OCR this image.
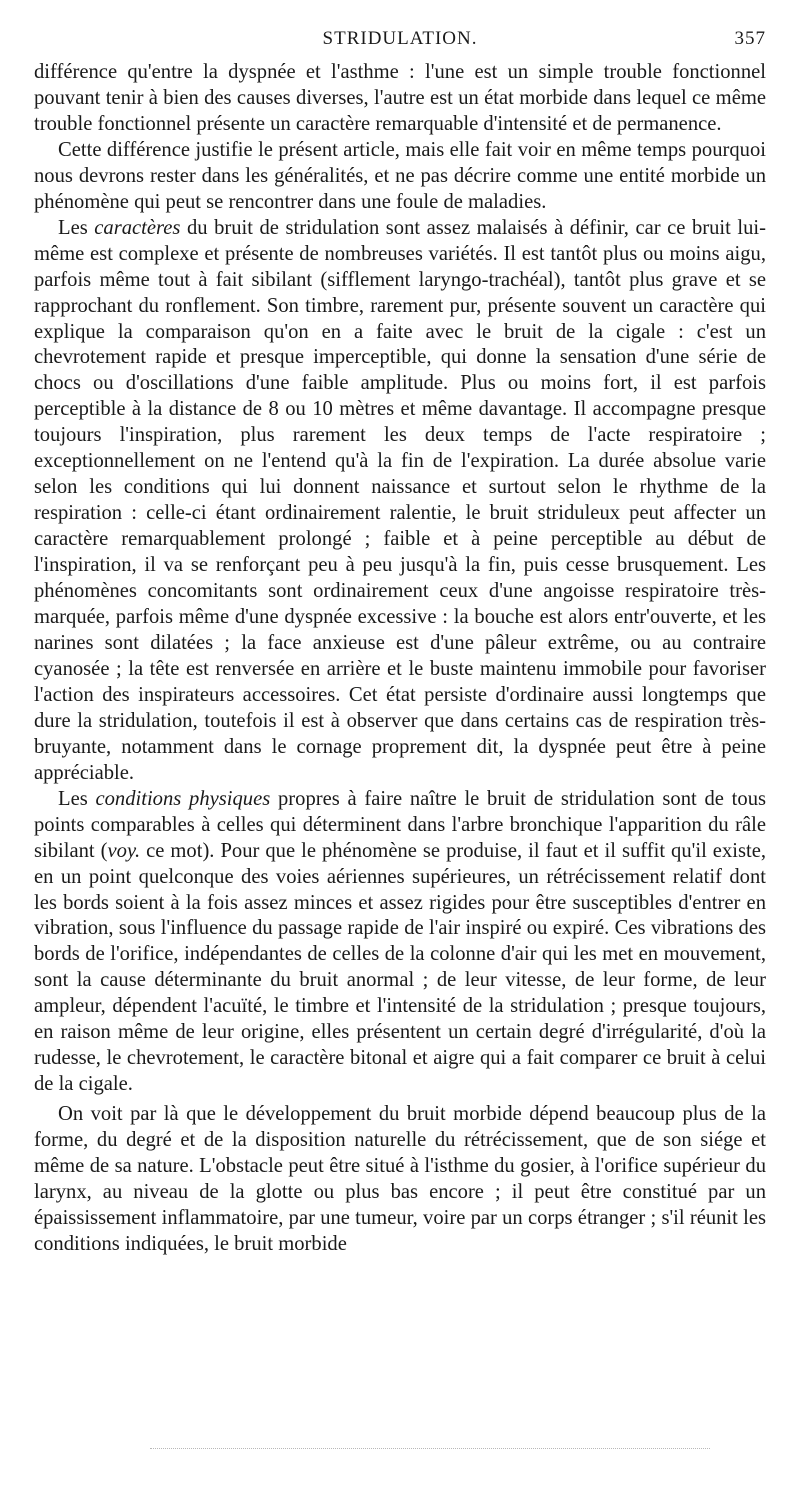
STRIDULATION.	357

différence qu'entre la dyspnée et l'asthme : l'une est un simple trouble fonctionnel pouvant tenir à bien des causes diverses, l'autre est un état morbide dans lequel ce même trouble fonctionnel présente un caractère remarquable d'intensité et de permanence.

Cette différence justifie le présent article, mais elle fait voir en même temps pourquoi nous devrons rester dans les généralités, et ne pas décrire comme une entité morbide un phénomène qui peut se rencontrer dans une foule de maladies.

Les caractères du bruit de stridulation sont assez malaisés à définir, car ce bruit lui-même est complexe et présente de nombreuses variétés. Il est tantôt plus ou moins aigu, parfois même tout à fait sibilant (sifflement laryngo-trachéal), tantôt plus grave et se rapprochant du ronflement. Son timbre, rarement pur, présente souvent un caractère qui explique la comparaison qu'on en a faite avec le bruit de la cigale : c'est un chevrotement rapide et presque imperceptible, qui donne la sensation d'une série de chocs ou d'oscillations d'une faible amplitude. Plus ou moins fort, il est parfois perceptible à la distance de 8 ou 10 mètres et même davantage. Il accompagne presque toujours l'inspiration, plus rarement les deux temps de l'acte respiratoire ; exceptionnellement on ne l'entend qu'à la fin de l'expiration. La durée absolue varie selon les conditions qui lui donnent naissance et surtout selon le rhythme de la respiration : celle-ci étant ordinairement ralentie, le bruit striduleux peut affecter un caractère remarquablement prolongé ; faible et à peine perceptible au début de l'inspiration, il va se renforçant peu à peu jusqu'à la fin, puis cesse brusquement. Les phénomènes concomitants sont ordinairement ceux d'une angoisse respiratoire très-marquée, parfois même d'une dyspnée excessive : la bouche est alors entr'ouverte, et les narines sont dilatées ; la face anxieuse est d'une pâleur extrême, ou au contraire cyanosée ; la tête est renversée en arrière et le buste maintenu immobile pour favoriser l'action des inspirateurs accessoires. Cet état persiste d'ordinaire aussi longtemps que dure la stridulation, toutefois il est à observer que dans certains cas de respiration très-bruyante, notamment dans le cornage proprement dit, la dyspnée peut être à peine appréciable.

Les conditions physiques propres à faire naître le bruit de stridulation sont de tous points comparables à celles qui déterminent dans l'arbre bronchique l'apparition du râle sibilant (voy. ce mot). Pour que le phénomène se produise, il faut et il suffit qu'il existe, en un point quelconque des voies aériennes supérieures, un rétrécissement relatif dont les bords soient à la fois assez minces et assez rigides pour être susceptibles d'entrer en vibration, sous l'influence du passage rapide de l'air inspiré ou expiré. Ces vibrations des bords de l'orifice, indépendantes de celles de la colonne d'air qui les met en mouvement, sont la cause déterminante du bruit anormal ; de leur vitesse, de leur forme, de leur ampleur, dépendent l'acuïté, le timbre et l'intensité de la stridulation ; presque toujours, en raison même de leur origine, elles présentent un certain degré d'irrégularité, d'où la rudesse, le chevrotement, le caractère bitonal et aigre qui a fait comparer ce bruit à celui de la cigale.

On voit par là que le développement du bruit morbide dépend beaucoup plus de la forme, du degré et de la disposition naturelle du rétrécissement, que de son siége et même de sa nature. L'obstacle peut être situé à l'isthme du gosier, à l'orifice supérieur du larynx, au niveau de la glotte ou plus bas encore ; il peut être constitué par un épaississement inflammatoire, par une tumeur, voire par un corps étranger ; s'il réunit les conditions indiquées, le bruit morbide
